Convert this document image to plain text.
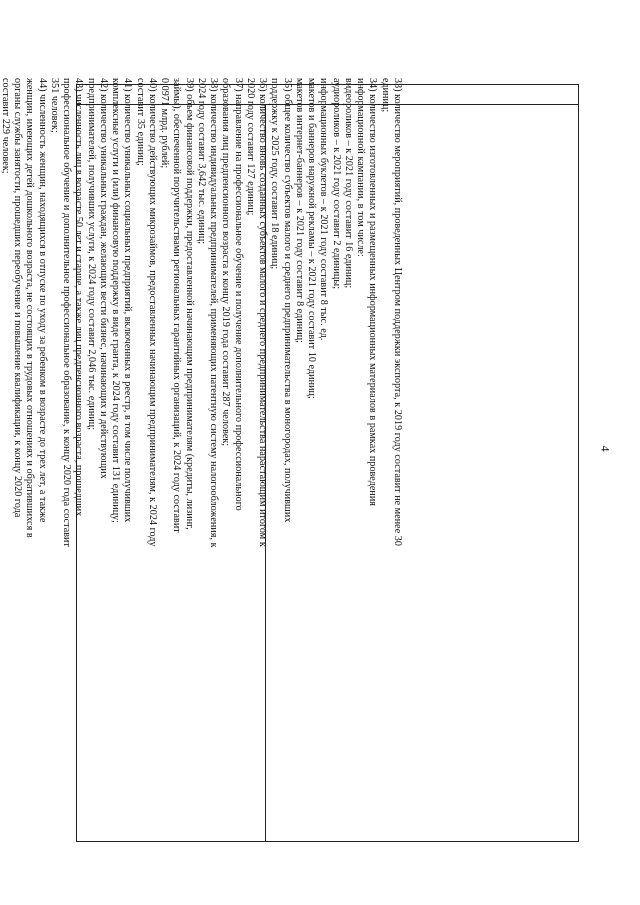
4

33) количество мероприятий, проведенных Центром поддержки экспорта, к 2019 году составит не менее 30

единиц;

34) количество изготовленных и размещенных информационных материалов в рамках проведения

информационной кампании, в том числе:

видеороликов – к 2021 году составит 16 единиц;

аудиороликов – к 2021 году составит 2 единицы;

информационных буклетов – к 2021 году составит 8 тыс. ед.

макетов и баннеров наружной рекламы – к 2021 году составит 10 единиц;

макетов интернет-баннеров – к 2021 году составит 8 единиц;

35) общее количество субъектов малого и среднего предпринимательства в моногородах, получивших

поддержку к 2025 году, составит 18 единиц;

36) количество вновь созданных субъектов малого и среднего предпринимательства нарастающим итогом к

2020 году составит 127 единиц;

37) направление на профессиональное обучение и получение дополнительного профессионального

образования лиц предпенсионного возраста к концу 2019 года составит 287 человек;

38) количество индивидуальных предпринимателей, применяющих патентную систему налогообложения, к

2024 году составит 3,642 тыс. единиц;

39) объем финансовой поддержки, предоставленной начинающим предпринимателям (кредиты, лизинг,

займы), обеспеченной поручительствами региональных гарантийных организаций, к 2024 году составит

0,0971 млрд. рублей;

40) количество действующих микрозаймов, предоставленных начинающим предпринимателям, к 2024 году

составит 35 единиц;

41) количество уникальных социальных предприятий, включенных в реестр, в том числе получивших

комплексные услуги и (или) финансовую поддержку в виде гранта, к 2024 году составит 131 единицу;

42) количество уникальных граждан, желающих вести бизнес, начинающих и действующих

предпринимателей, получивших услуги, к 2024 году составит 2,046 тыс. единиц;

43) численность лиц в возрасте 50 лет и старше, а также лиц предпенсионного возраста, прошедших

профессиональное обучение и дополнительное профессиональное образование, к концу 2020 года составит

351 человек;

44) численность женщин, находящихся в отпуске по уходу за ребенком в возрасте до трех лет, а также

женщин, имеющих детей дошкольного возраста, не состоящих в трудовых отношениях и обратившихся в

органы службы занятости, прошедших переобучение и повышение квалификации, к концу 2020 года

составит 229 человек;
